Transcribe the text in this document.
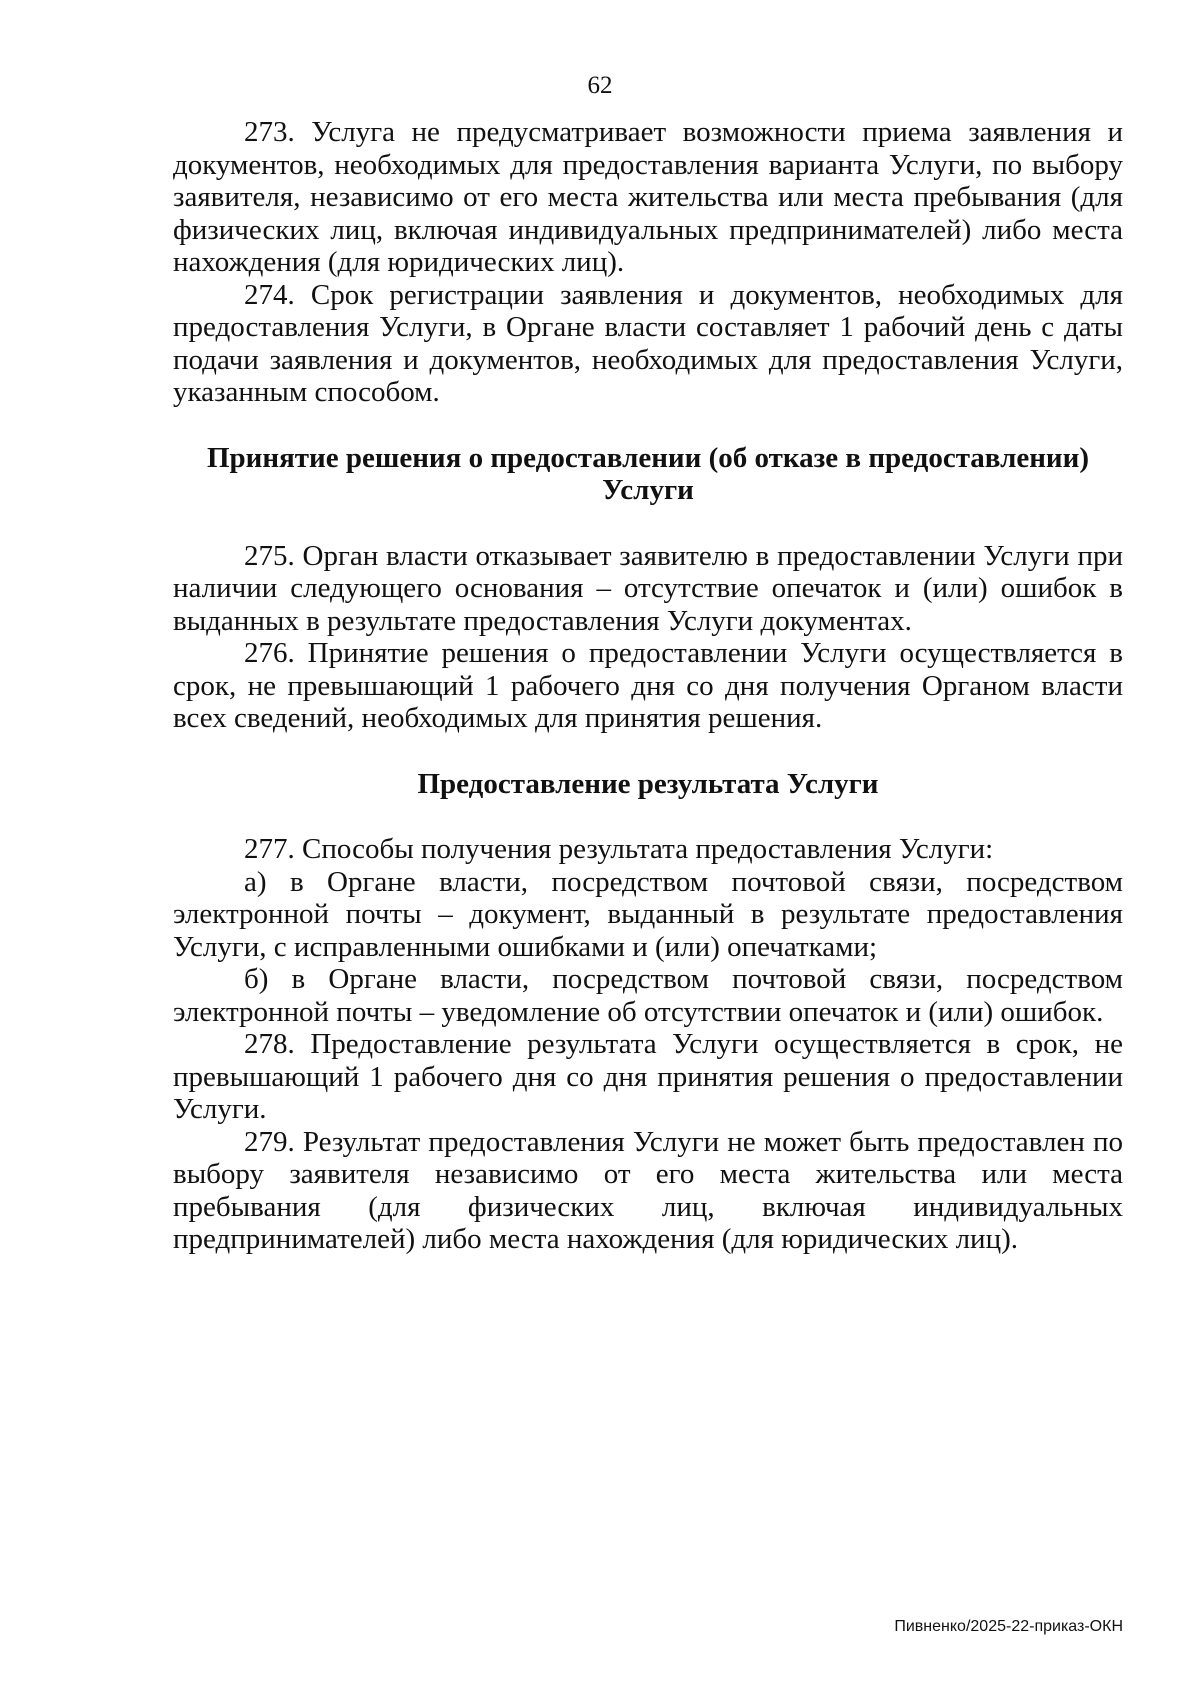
62

273. Услуга не предусматривает возможности приема заявления и документов, необходимых для предоставления варианта Услуги, по выбору заявителя, независимо от его места жительства или места пребывания (для физических лиц, включая индивидуальных предпринимателей) либо места нахождения (для юридических лиц).

274. Срок регистрации заявления и документов, необходимых для предоставления Услуги, в Органе власти составляет 1 рабочий день с даты подачи заявления и документов, необходимых для предоставления Услуги, указанным способом.

Принятие решения о предоставлении (об отказе в предоставлении) Услуги

275. Орган власти отказывает заявителю в предоставлении Услуги при наличии следующего основания – отсутствие опечаток и (или) ошибок в выданных в результате предоставления Услуги документах.

276. Принятие решения о предоставлении Услуги осуществляется в срок, не превышающий 1 рабочего дня со дня получения Органом власти всех сведений, необходимых для принятия решения.

Предоставление результата Услуги

277. Способы получения результата предоставления Услуги:

а) в Органе власти, посредством почтовой связи, посредством электронной почты – документ, выданный в результате предоставления Услуги, с исправленными ошибками и (или) опечатками;

б) в Органе власти, посредством почтовой связи, посредством электронной почты – уведомление об отсутствии опечаток и (или) ошибок.

278. Предоставление результата Услуги осуществляется в срок, не превышающий 1 рабочего дня со дня принятия решения о предоставлении Услуги.

279. Результат предоставления Услуги не может быть предоставлен по выбору заявителя независимо от его места жительства или места пребывания (для физических лиц, включая индивидуальных предпринимателей) либо места нахождения (для юридических лиц).

Пивненко/2025-22-приказ-ОКН
